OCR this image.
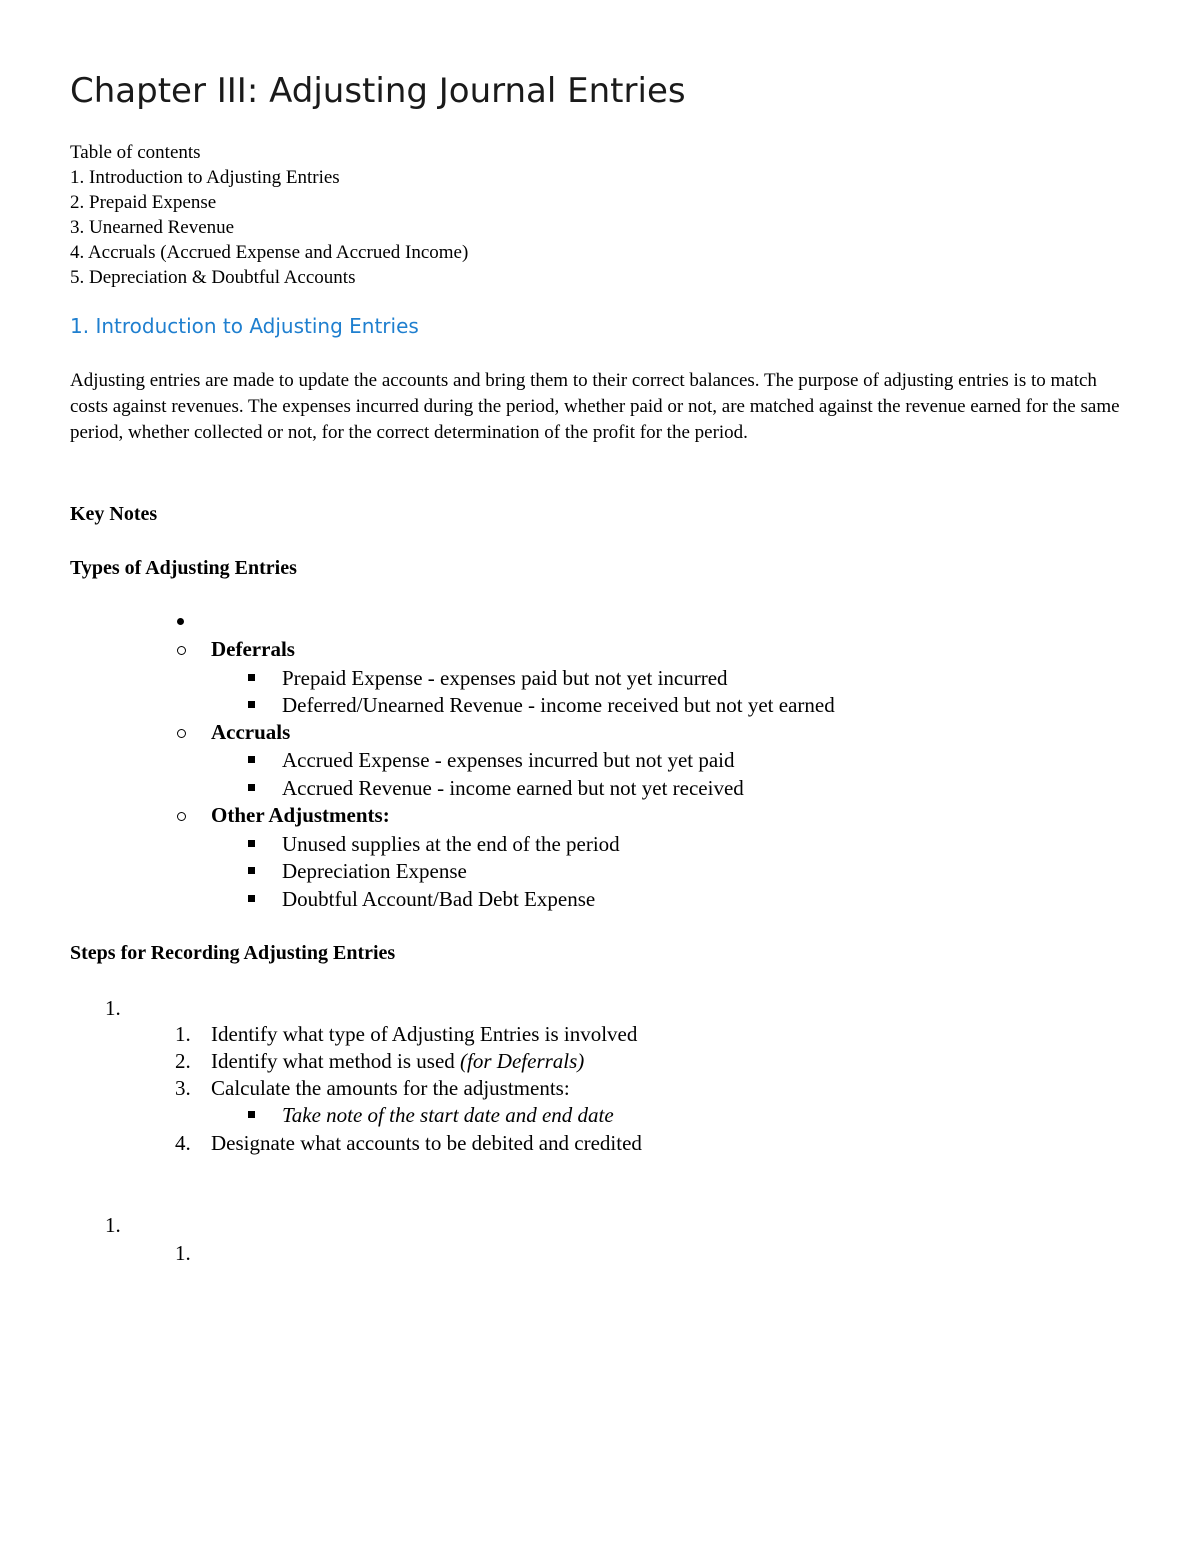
Chapter III: Adjusting Journal Entries
Table of contents
1. Introduction to Adjusting Entries
2. Prepaid Expense
3. Unearned Revenue
4. Accruals (Accrued Expense and Accrued Income)
5. Depreciation & Doubtful Accounts
1. Introduction to Adjusting Entries
Adjusting entries are made to update the accounts and bring them to their correct balances. The purpose of adjusting entries is to match costs against revenues. The expenses incurred during the period, whether paid or not, are matched against the revenue earned for the same period, whether collected or not, for the correct determination of the profit for the period.
Key Notes
Types of Adjusting Entries
Deferrals
Prepaid Expense - expenses paid but not yet incurred
Deferred/Unearned Revenue - income received but not yet earned
Accruals
Accrued Expense - expenses incurred but not yet paid
Accrued Revenue - income earned but not yet received
Other Adjustments:
Unused supplies at the end of the period
Depreciation Expense
Doubtful Account/Bad Debt Expense
Steps for Recording Adjusting Entries
1.
1. Identify what type of Adjusting Entries is involved
2. Identify what method is used (for Deferrals)
3. Calculate the amounts for the adjustments:
Take note of the start date and end date
4. Designate what accounts to be debited and credited
1.
1.
